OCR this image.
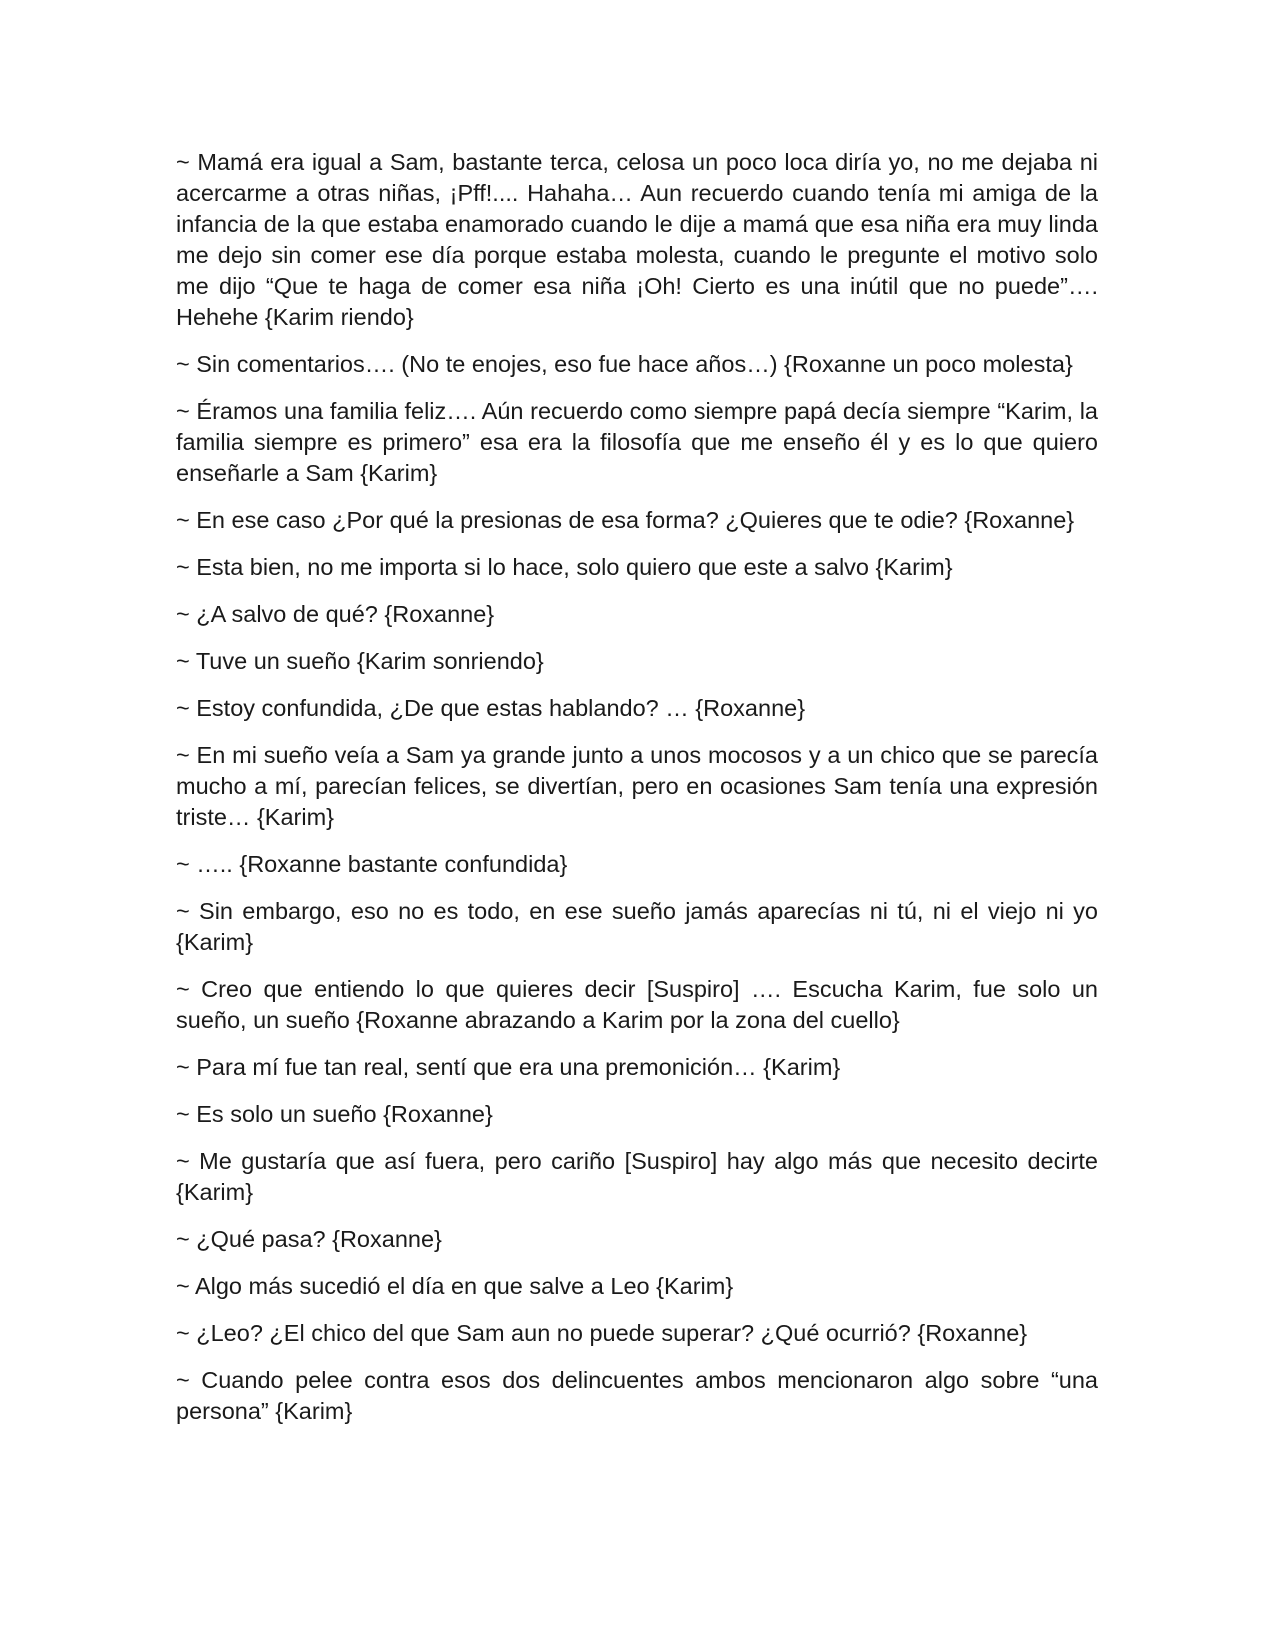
~ Mamá era igual a Sam, bastante terca, celosa un poco loca diría yo, no me dejaba ni acercarme a otras niñas, ¡Pff!.... Hahaha… Aun recuerdo cuando tenía mi amiga de la infancia de la que estaba enamorado cuando le dije a mamá que esa niña era muy linda me dejo sin comer ese día porque estaba molesta, cuando le pregunte el motivo solo me dijo “Que te haga de comer esa niña ¡Oh! Cierto es una inútil que no puede”…. Hehehe {Karim riendo}

~ Sin comentarios…. (No te enojes, eso fue hace años…) {Roxanne un poco molesta}

~ Éramos una familia feliz…. Aún recuerdo como siempre papá decía siempre “Karim, la familia siempre es primero” esa era la filosofía que me enseño él y es lo que quiero enseñarle a Sam {Karim}

~ En ese caso ¿Por qué la presionas de esa forma? ¿Quieres que te odie? {Roxanne}

~ Esta bien, no me importa si lo hace, solo quiero que este a salvo {Karim}

~ ¿A salvo de qué? {Roxanne}

~ Tuve un sueño {Karim sonriendo}

~ Estoy confundida, ¿De que estas hablando? … {Roxanne}

~ En mi sueño veía a Sam ya grande junto a unos mocosos y a un chico que se parecía mucho a mí, parecían felices, se divertían, pero en ocasiones Sam tenía una expresión triste… {Karim}

~ ….. {Roxanne bastante confundida}

~ Sin embargo, eso no es todo, en ese sueño jamás aparecías ni tú, ni el viejo ni yo {Karim}

~ Creo que entiendo lo que quieres decir [Suspiro] …. Escucha Karim, fue solo un sueño, un sueño {Roxanne abrazando a Karim por la zona del cuello}

~ Para mí fue tan real, sentí que era una premonición… {Karim}

~ Es solo un sueño {Roxanne}

~ Me gustaría que así fuera, pero cariño [Suspiro] hay algo más que necesito decirte {Karim}

~ ¿Qué pasa? {Roxanne}

~ Algo más sucedió el día en que salve a Leo {Karim}

~ ¿Leo? ¿El chico del que Sam aun no puede superar? ¿Qué ocurrió? {Roxanne}

~ Cuando pelee contra esos dos delincuentes ambos mencionaron algo sobre “una persona” {Karim}
